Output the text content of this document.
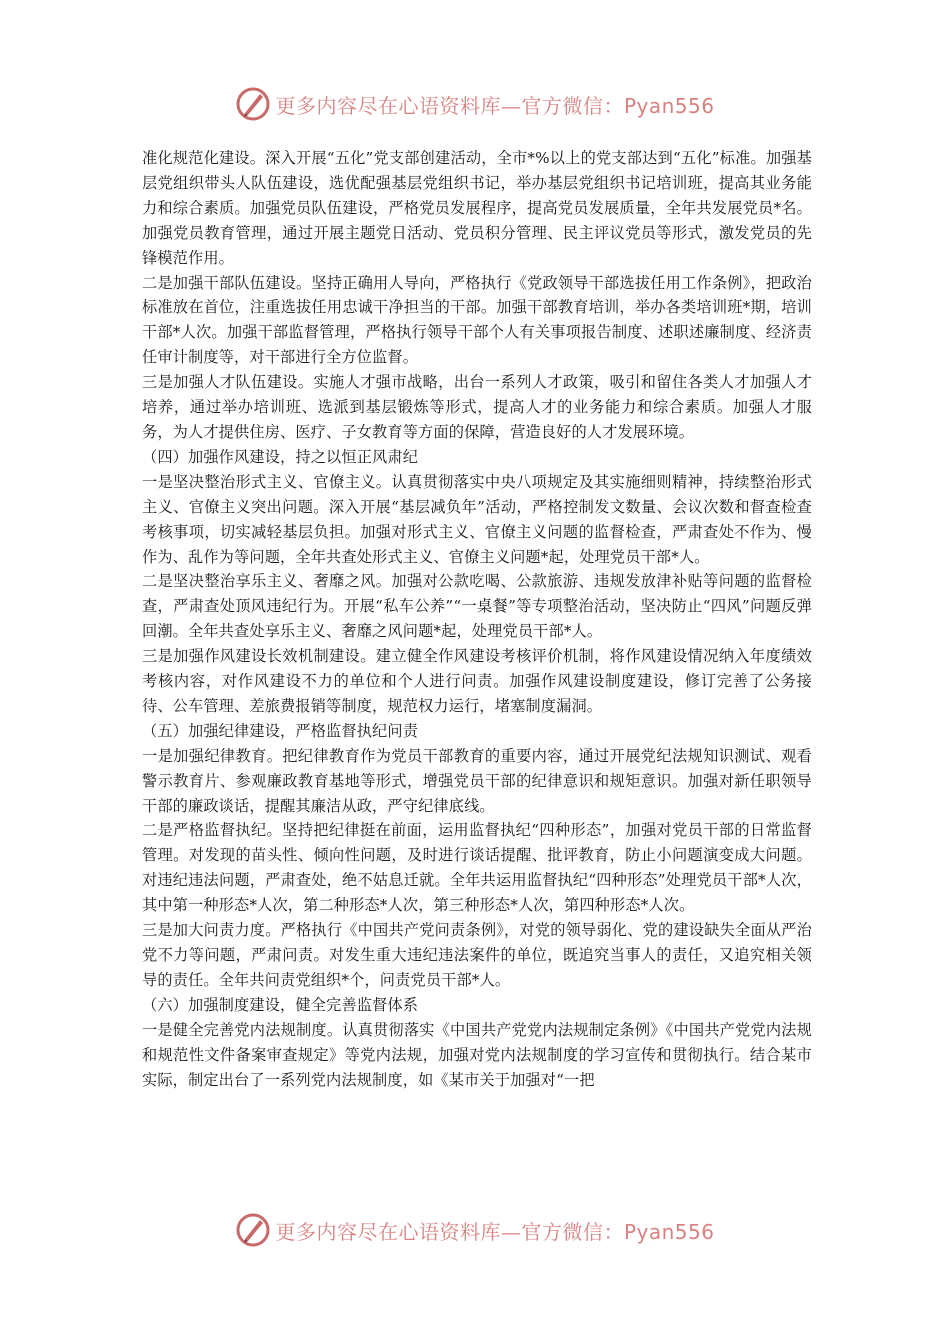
更多内容尽在心语资料库—官方微信：Pyan556

准化规范化建设。深入开展“五化”党支部创建活动，全市*%以上的党支部达到“五化”标准。加强基层党组织带头人队伍建设，选优配强基层党组织书记，举办基层党组织书记培训班，提高其业务能力和综合素质。加强党员队伍建设，严格党员发展程序，提高党员发展质量，全年共发展党员*名。加强党员教育管理，通过开展主题党日活动、党员积分管理、民主评议党员等形式，激发党员的先锋模范作用。

二是加强干部队伍建设。坚持正确用人导向，严格执行《党政领导干部选拔任用工作条例》，把政治标准放在首位，注重选拔任用忠诚干净担当的干部。加强干部教育培训，举办各类培训班*期，培训干部*人次。加强干部监督管理，严格执行领导干部个人有关事项报告制度、述职述廉制度、经济责任审计制度等，对干部进行全方位监督。

三是加强人才队伍建设。实施人才强市战略，出台一系列人才政策，吸引和留住各类人才加强人才培养，通过举办培训班、选派到基层锻炼等形式，提高人才的业务能力和综合素质。加强人才服务，为人才提供住房、医疗、子女教育等方面的保障，营造良好的人才发展环境。

（四）加强作风建设，持之以恒正风肃纪

一是坚决整治形式主义、官僚主义。认真贯彻落实中央八项规定及其实施细则精神，持续整治形式主义、官僚主义突出问题。深入开展“基层减负年”活动，严格控制发文数量、会议次数和督查检查考核事项，切实减轻基层负担。加强对形式主义、官僚主义问题的监督检查，严肃查处不作为、慢作为、乱作为等问题，全年共查处形式主义、官僚主义问题*起，处理党员干部*人。

二是坚决整治享乐主义、奢靡之风。加强对公款吃喝、公款旅游、违规发放津补贴等问题的监督检查，严肃查处顶风违纪行为。开展“私车公养”“一桌餐”等专项整治活动，坚决防止“四风”问题反弹回潮。全年共查处享乐主义、奢靡之风问题*起，处理党员干部*人。

三是加强作风建设长效机制建设。建立健全作风建设考核评价机制，将作风建设情况纳入年度绩效考核内容，对作风建设不力的单位和个人进行问责。加强作风建设制度建设，修订完善了公务接待、公车管理、差旅费报销等制度，规范权力运行，堵塞制度漏洞。

（五）加强纪律建设，严格监督执纪问责

一是加强纪律教育。把纪律教育作为党员干部教育的重要内容，通过开展党纪法规知识测试、观看警示教育片、参观廉政教育基地等形式，增强党员干部的纪律意识和规矩意识。加强对新任职领导干部的廉政谈话，提醒其廉洁从政，严守纪律底线。

二是严格监督执纪。坚持把纪律挺在前面，运用监督执纪“四种形态”，加强对党员干部的日常监督管理。对发现的苗头性、倾向性问题，及时进行谈话提醒、批评教育，防止小问题演变成大问题。对违纪违法问题，严肃查处，绝不姑息迁就。全年共运用监督执纪“四种形态”处理党员干部*人次，其中第一种形态*人次，第二种形态*人次，第三种形态*人次，第四种形态*人次。

三是加大问责力度。严格执行《中国共产党问责条例》，对党的领导弱化、党的建设缺失全面从严治党不力等问题，严肃问责。对发生重大违纪违法案件的单位，既追究当事人的责任，又追究相关领导的责任。全年共问责党组织*个，问责党员干部*人。

（六）加强制度建设，健全完善监督体系

一是健全完善党内法规制度。认真贯彻落实《中国共产党党内法规制定条例》《中国共产党党内法规和规范性文件备案审查规定》等党内法规，加强对党内法规制度的学习宣传和贯彻执行。结合某市实际，制定出台了一系列党内法规制度，如《某市关于加强对“一把

更多内容尽在心语资料库—官方微信：Pyan556
